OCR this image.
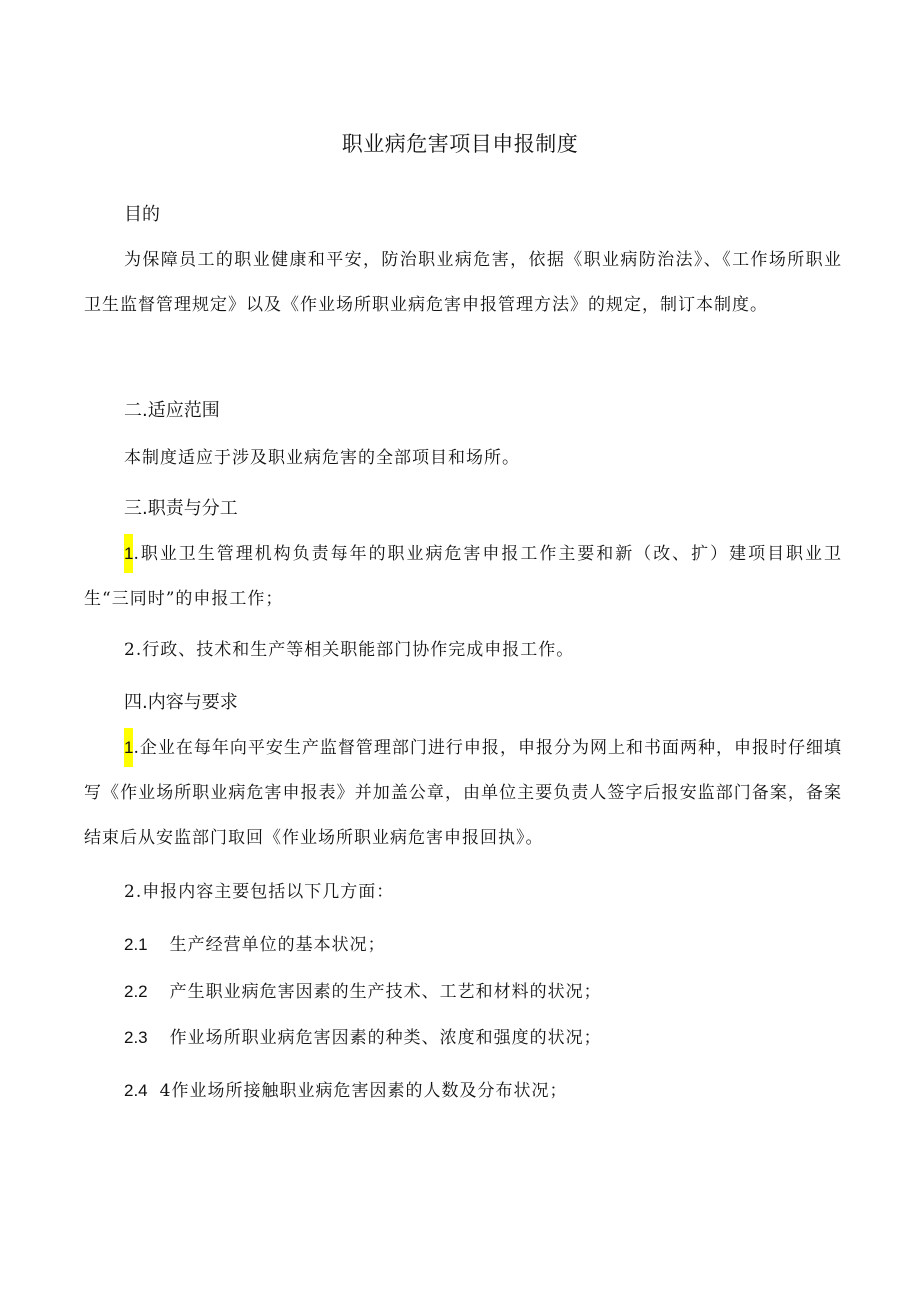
职业病危害项目申报制度
目的
为保障员工的职业健康和平安，防治职业病危害，依据《职业病防治法》、《工作场所职业卫生监督管理规定》以及《作业场所职业病危害申报管理方法》的规定，制订本制度。
二.适应范围
本制度适应于涉及职业病危害的全部项目和场所。
三.职责与分工
1.职业卫生管理机构负责每年的职业病危害申报工作主要和新（改、扩）建项目职业卫生“三同时”的申报工作；
2.行政、技术和生产等相关职能部门协作完成申报工作。
四.内容与要求
1.企业在每年向平安生产监督管理部门进行申报，申报分为网上和书面两种，申报时仔细填写《作业场所职业病危害申报表》并加盖公章，由单位主要负责人签字后报安监部门备案，备案结束后从安监部门取回《作业场所职业病危害申报回执》。
2.申报内容主要包括以下几方面：
2.1 生产经营单位的基本状况；
2.2 产生职业病危害因素的生产技术、工艺和材料的状况；
2.3 作业场所职业病危害因素的种类、浓度和强度的状况；
2.4 4作业场所接触职业病危害因素的人数及分布状况；
